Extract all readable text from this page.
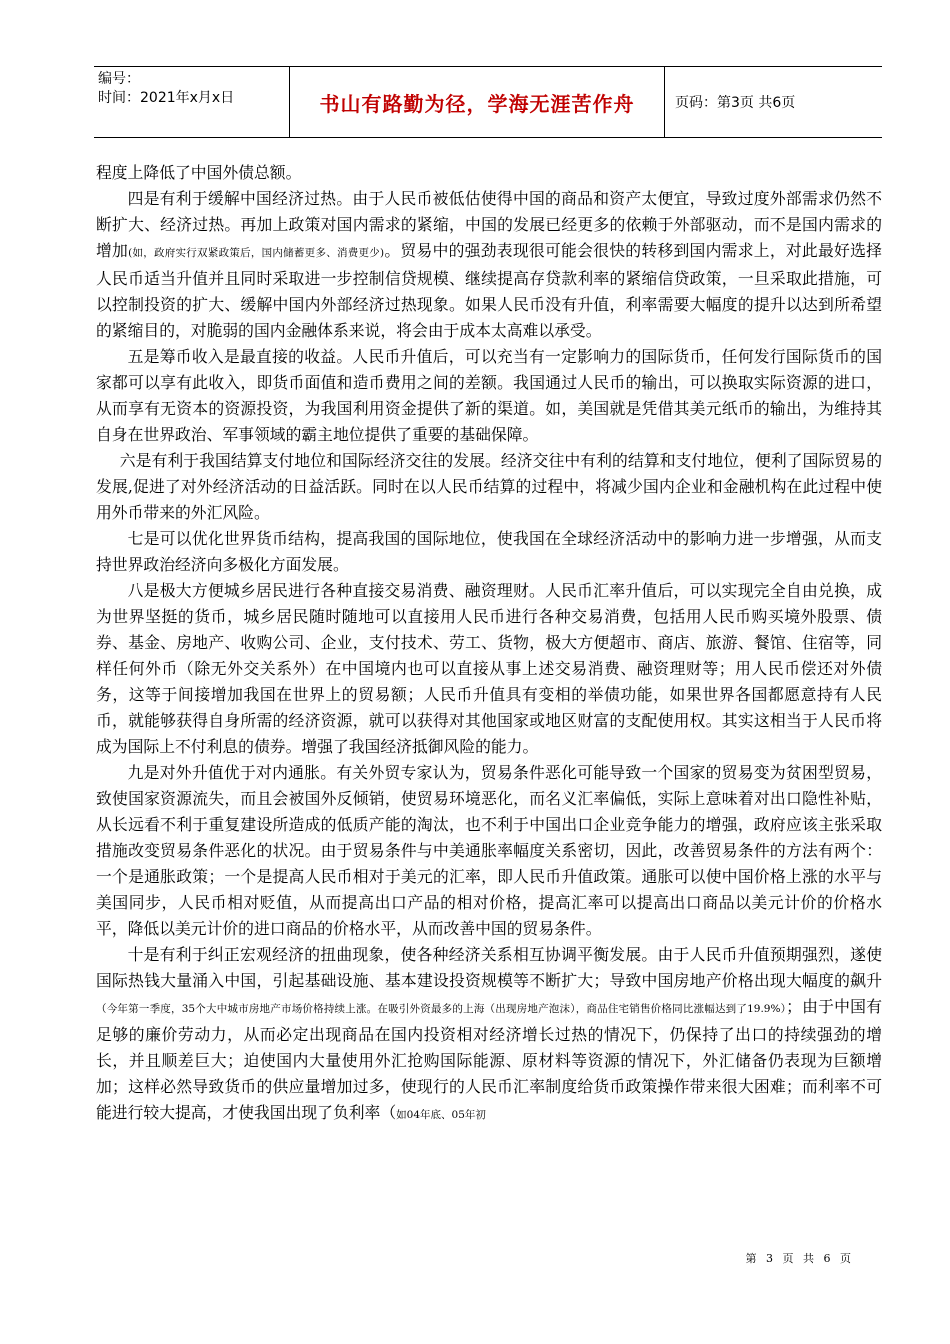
编号：
时间：2021年x月x日	书山有路勤为径，学海无涯苦作舟	页码：第3页 共6页

程度上降低了中国外债总额。

四是有利于缓解中国经济过热。由于人民币被低估使得中国的商品和资产太便宜，导致过度外部需求仍然不断扩大、经济过热。再加上政策对国内需求的紧缩，中国的发展已经更多的依赖于外部驱动，而不是国内需求的增加(如，政府实行双紧政策后，国内储蓄更多、消费更少)。贸易中的强劲表现很可能会很快的转移到国内需求上，对此最好选择人民币适当升值并且同时采取进一步控制信贷规模、继续提高存贷款利率的紧缩信贷政策，一旦采取此措施，可以控制投资的扩大、缓解中国内外部经济过热现象。如果人民币没有升值，利率需要大幅度的提升以达到所希望的紧缩目的，对脆弱的国内金融体系来说，将会由于成本太高难以承受。

五是筹币收入是最直接的收益。人民币升值后，可以充当有一定影响力的国际货币，任何发行国际货币的国家都可以享有此收入，即货币面值和造币费用之间的差额。我国通过人民币的输出，可以换取实际资源的进口，从而享有无资本的资源投资，为我国利用资金提供了新的渠道。如，美国就是凭借其美元纸币的输出，为维持其自身在世界政治、军事领域的霸主地位提供了重要的基础保障。

六是有利于我国结算支付地位和国际经济交往的发展。经济交往中有利的结算和支付地位，便利了国际贸易的发展,促进了对外经济活动的日益活跃。同时在以人民币结算的过程中，将减少国内企业和金融机构在此过程中使用外币带来的外汇风险。

七是可以优化世界货币结构，提高我国的国际地位，使我国在全球经济活动中的影响力进一步增强，从而支持世界政治经济向多极化方面发展。

八是极大方便城乡居民进行各种直接交易消费、融资理财。人民币汇率升值后，可以实现完全自由兑换，成为世界坚挺的货币，城乡居民随时随地可以直接用人民币进行各种交易消费，包括用人民币购买境外股票、债券、基金、房地产、收购公司、企业，支付技术、劳工、货物，极大方便超市、商店、旅游、餐馆、住宿等，同样任何外币（除无外交关系外）在中国境内也可以直接从事上述交易消费、融资理财等；用人民币偿还对外债务，这等于间接增加我国在世界上的贸易额；人民币升值具有变相的举债功能，如果世界各国都愿意持有人民币，就能够获得自身所需的经济资源，就可以获得对其他国家或地区财富的支配使用权。其实这相当于人民币将成为国际上不付利息的债券。增强了我国经济抵御风险的能力。

九是对外升值优于对内通胀。有关外贸专家认为，贸易条件恶化可能导致一个国家的贸易变为贫困型贸易，致使国家资源流失，而且会被国外反倾销，使贸易环境恶化，而名义汇率偏低，实际上意味着对出口隐性补贴，从长远看不利于重复建设所造成的低质产能的淘汰，也不利于中国出口企业竞争能力的增强，政府应该主张采取措施改变贸易条件恶化的状况。由于贸易条件与中美通胀率幅度关系密切，因此，改善贸易条件的方法有两个：一个是通胀政策；一个是提高人民币相对于美元的汇率，即人民币升值政策。通胀可以使中国价格上涨的水平与美国同步，人民币相对贬值，从而提高出口产品的相对价格，提高汇率可以提高出口商品以美元计价的价格水平，降低以美元计价的进口商品的价格水平，从而改善中国的贸易条件。

十是有利于纠正宏观经济的扭曲现象，使各种经济关系相互协调平衡发展。由于人民币升值预期强烈，遂使国际热钱大量涌入中国，引起基础设施、基本建设投资规模等不断扩大；导致中国房地产价格出现大幅度的飙升（今年第一季度，35个大中城市房地产市场价格持续上涨。在吸引外资最多的上海（出现房地产泡沫），商品住宅销售价格同比涨幅达到了19.9%）；由于中国有足够的廉价劳动力，从而必定出现商品在国内投资相对经济增长过热的情况下，仍保持了出口的持续强劲的增长，并且顺差巨大；迫使国内大量使用外汇抢购国际能源、原材料等资源的情况下，外汇储备仍表现为巨额增加；这样必然导致货币的供应量增加过多，使现行的人民币汇率制度给货币政策操作带来很大困难；而利率不可能进行较大提高，才使我国出现了负利率（如04年底、05年初

第 3 页 共 6 页
